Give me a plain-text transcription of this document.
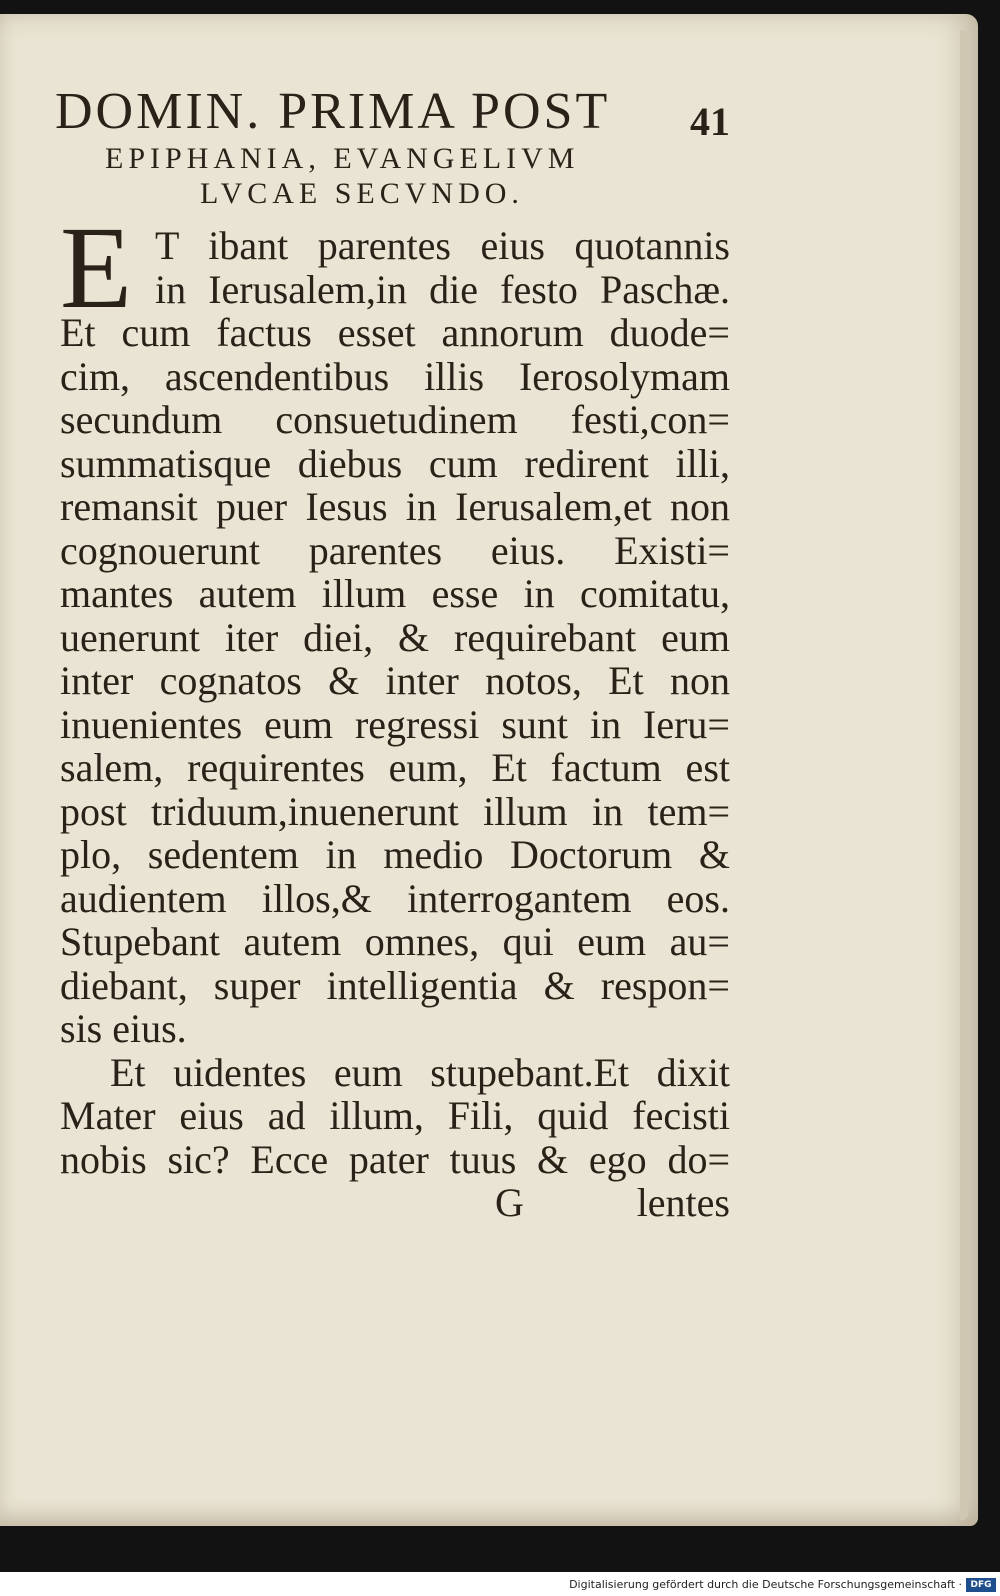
DOMIN. PRIMA POST
EPIPHANIA, EVANGELIVM
LVCAE SECVNDO.
41
E T ibant parentes eius quotannis
in Ierusalem,in die festo Paschæ.
Et cum factus esset annorum duode=
cim, ascendentibus illis Ierosolymam
secundum consuetudinem festi,con=
summatisque diebus cum redirent illi,
remansit puer Iesus in Ierusalem,et non
cognouerunt parentes eius. Existi=
mantes autem illum esse in comitatu,
uenerunt iter diei, & requirebant eum
inter cognatos & inter notos, Et non
inuenientes eum regressi sunt in Ieru=
salem, requirentes eum, Et factum est
post triduum,inuenerunt illum in tem=
plo, sedentem in medio Doctorum &
audientem illos,& interrogantem eos.
Stupebant autem omnes, qui eum au=
diebant, super intelligentia & respon=
sis eius.
Et uidentes eum stupebant.Et dixit
Mater eius ad illum, Fili, quid fecisti
nobis sic? Ecce pater tuus & ego do=
G	lentes
Digitalisierung gefördert durch die Deutsche Forschungsgemeinschaft · DFG
